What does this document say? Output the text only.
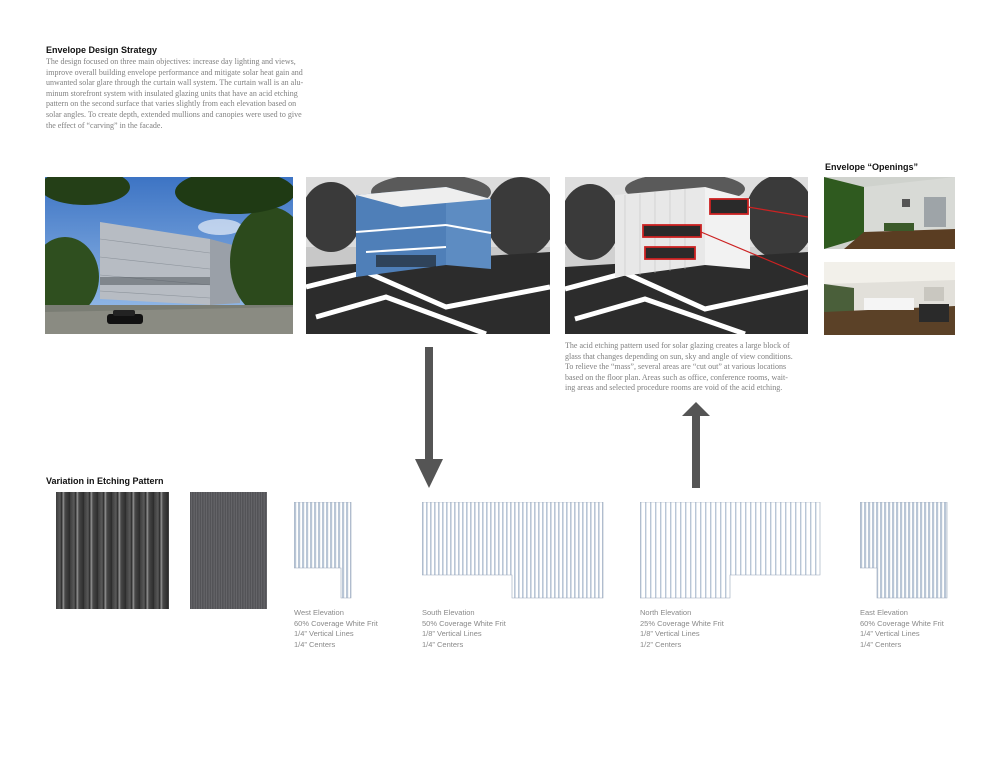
Envelope Design Strategy
The design focused on three main objectives: increase day lighting and views,
improve overall building envelope performance and mitigate solar heat gain and
unwanted solar glare through the curtain wall system. The curtain wall is an alu-
minum storefront system with insulated glazing units that have an acid etching
pattern on the second surface that varies slightly from each elevation based on
solar angles. To create depth, extended mullions and canopies were used to give
the effect of “carving” in the facade.
Envelope “Openings”
The acid etching pattern used for solar glazing creates a large block of
glass that changes depending on sun, sky and angle of view conditions.
To relieve the “mass”, several areas are “cut out” at various locations
based on the floor plan. Areas such as office, conference rooms, wait-
ing areas and selected procedure rooms are void of the acid etching.
Variation in Etching Pattern
West Elevation
60% Coverage White Frit
1/4” Vertical Lines
1/4” Centers
South Elevation
50% Coverage White Frit
1/8” Vertical Lines
1/4” Centers
North Elevation
25% Coverage White Frit
1/8” Vertical Lines
1/2” Centers
East Elevation
60% Coverage White Frit
1/4” Vertical Lines
1/4” Centers
